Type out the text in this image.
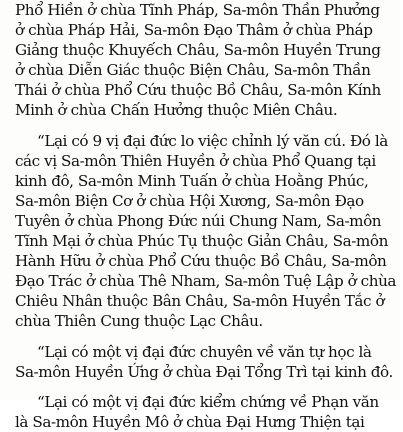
Phổ Hiền ở chùa Tĩnh Pháp, Sa-môn Thần Phưởng
ở chùa Pháp Hải, Sa-môn Đạo Thâm ở chùa Pháp
Giảng thuộc Khuyếch Châu, Sa-môn Huyền Trung
ở chùa Diễn Giác thuộc Biện Châu, Sa-môn Thần
Thái ở chùa Phổ Cứu thuộc Bồ Châu, Sa-môn Kính
Minh ở chùa Chấn Hưởng thuộc Miên Châu.
“Lại có 9 vị đại đức lo việc chỉnh lý văn cú. Đó là
các vị Sa-môn Thiên Huyền ở chùa Phổ Quang tại
kinh đô, Sa-môn Minh Tuấn ở chùa Hoằng Phúc,
Sa-môn Biện Cơ ở chùa Hội Xương, Sa-môn Đạo
Tuyên ở chùa Phong Đức núi Chung Nam, Sa-môn
Tĩnh Mại ở chùa Phúc Tụ thuộc Giản Châu, Sa-môn
Hành Hữu ở chùa Phổ Cứu thuộc Bồ Châu, Sa-môn
Đạo Trác ở chùa Thê Nham, Sa-môn Tuệ Lập ở chùa
Chiêu Nhân thuộc Bân Châu, Sa-môn Huyền Tắc ở
chùa Thiên Cung thuộc Lạc Châu.
“Lại có một vị đại đức chuyên về văn tự học là
Sa-môn Huyền Ứng ở chùa Đại Tổng Trì tại kinh đô.
“Lại có một vị đại đức kiểm chứng về Phạn văn
là Sa-môn Huyền Mô ở chùa Đại Hưng Thiện tại
